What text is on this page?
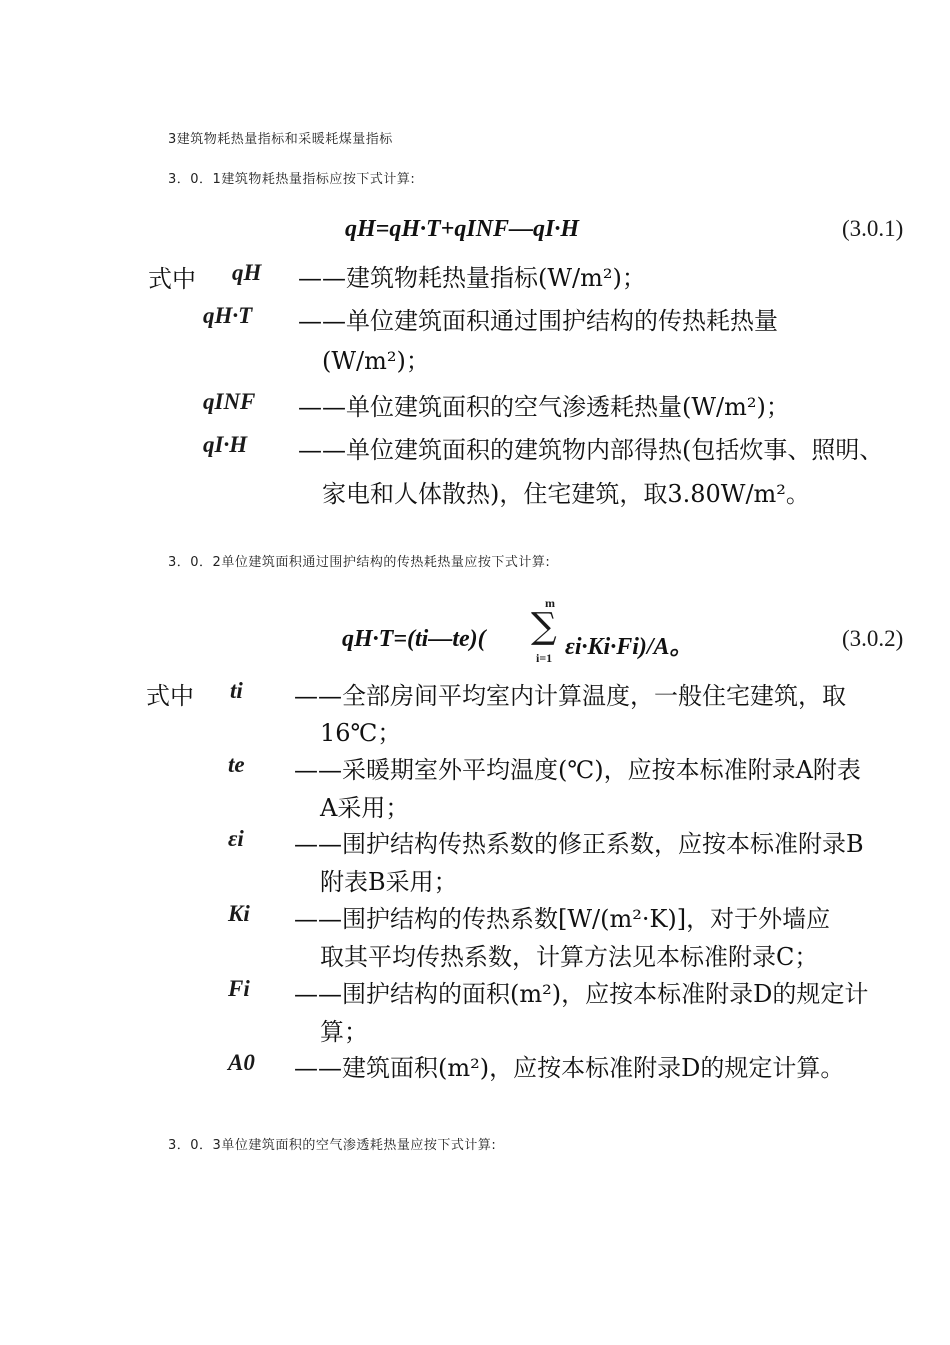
3建筑物耗热量指标和采暖耗煤量指标
3．0．1建筑物耗热量指标应按下式计算:
qH=qH·T+qINF—qI·H	(3.0.1)
式中 qH ——建筑物耗热量指标(W/m²)；
qH·T ——单位建筑面积通过围护结构的传热耗热量
(W/m²)；
qINF ——单位建筑面积的空气渗透耗热量(W/m²)；
qI·H ——单位建筑面积的建筑物内部得热(包括炊事、照明、
家电和人体散热)，住宅建筑，取3.80W/m²。
3．0．2单位建筑面积通过围护结构的传热耗热量应按下式计算:
qH·T=(ti—te)(
m
∑
i=1 εi·Ki·Fi)/A。	(3.0.2)
式中 ti ——全部房间平均室内计算温度，一般住宅建筑，取
16℃；
te ——采暖期室外平均温度(℃)，应按本标准附录A附表
A采用；
εi ——围护结构传热系数的修正系数，应按本标准附录B
附表B采用；
Ki ——围护结构的传热系数[W/(m²·K)]，对于外墙应
取其平均传热系数，计算方法见本标准附录C；
Fi ——围护结构的面积(m²)，应按本标准附录D的规定计
算；
A0 ——建筑面积(m²)，应按本标准附录D的规定计算。
3．0．3单位建筑面积的空气渗透耗热量应按下式计算:
